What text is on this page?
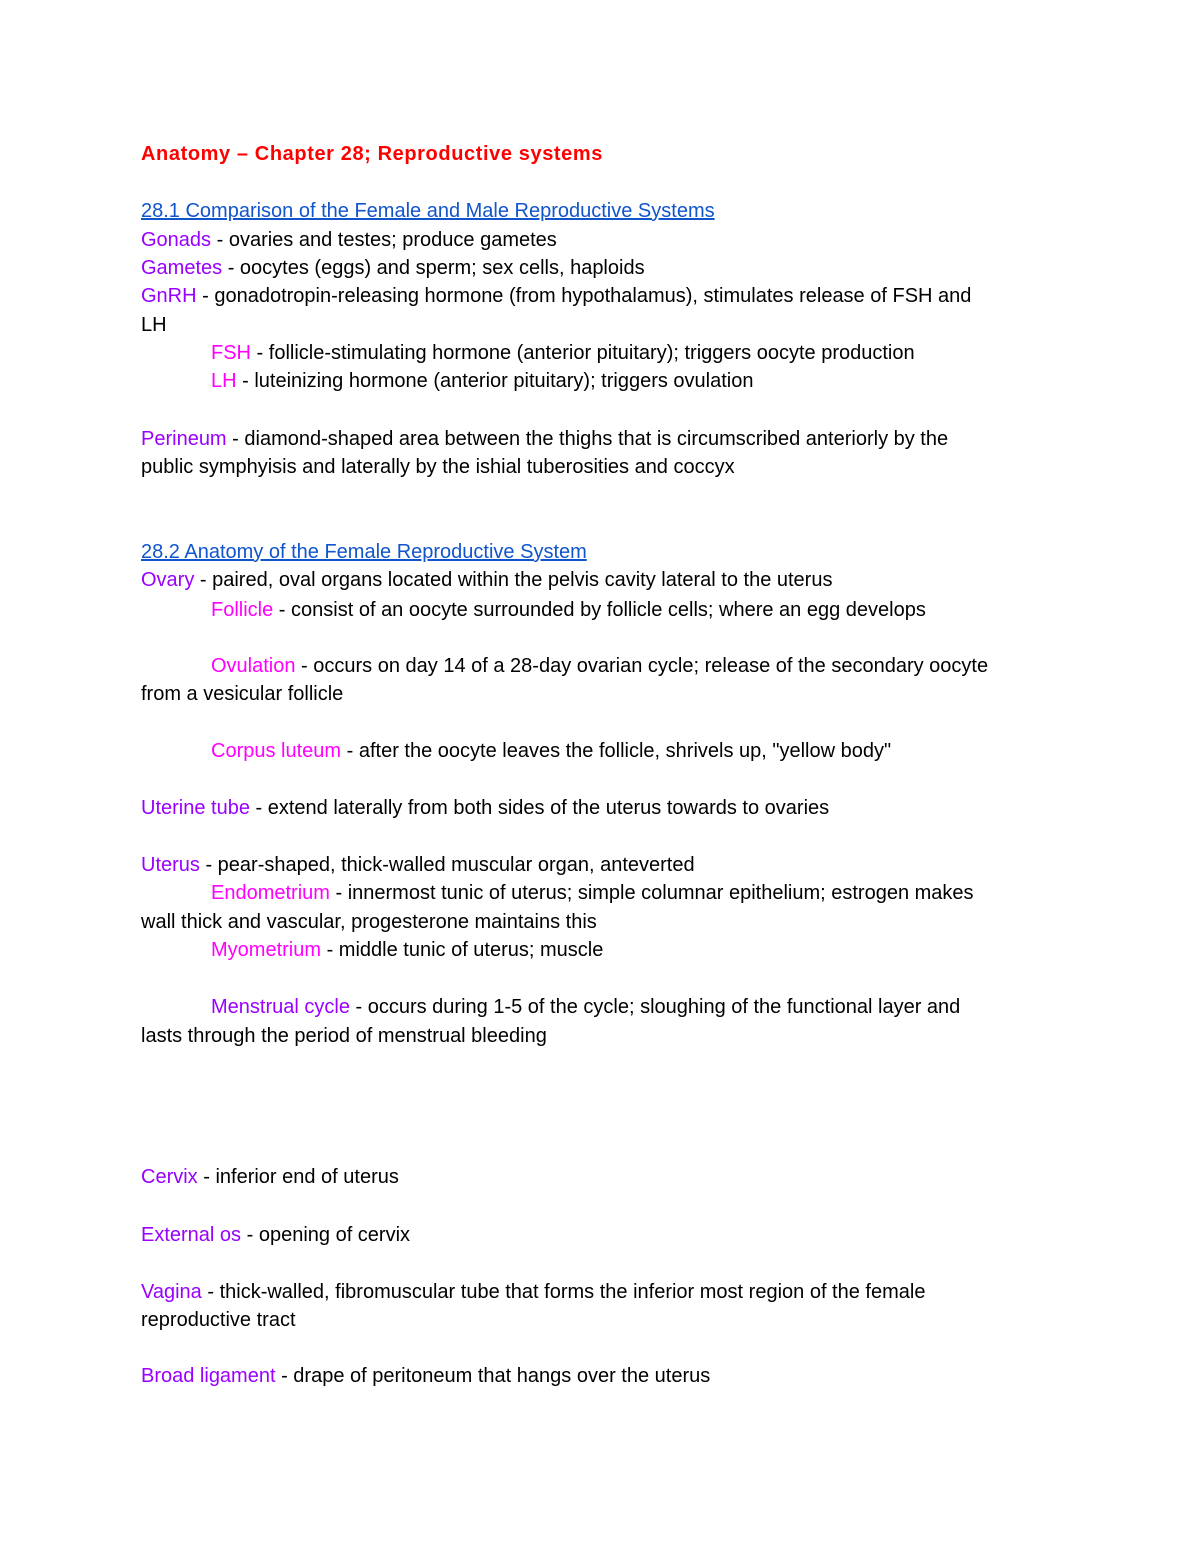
Anatomy – Chapter 28; Reproductive systems
28.1 Comparison of the Female and Male Reproductive Systems
Gonads - ovaries and testes; produce gametes
Gametes - oocytes (eggs) and sperm; sex cells, haploids
GnRH - gonadotropin-releasing hormone (from hypothalamus), stimulates release of FSH and
LH
FSH - follicle-stimulating hormone (anterior pituitary); triggers oocyte production
LH - luteinizing hormone (anterior pituitary); triggers ovulation
Perineum - diamond-shaped area between the thighs that is circumscribed anteriorly by the
public symphyisis and laterally by the ishial tuberosities and coccyx
28.2 Anatomy of the Female Reproductive System
Ovary - paired, oval organs located within the pelvis cavity lateral to the uterus
Follicle - consist of an oocyte surrounded by follicle cells; where an egg develops
Ovulation - occurs on day 14 of a 28-day ovarian cycle; release of the secondary oocyte
from a vesicular follicle
Corpus luteum - after the oocyte leaves the follicle, shrivels up, "yellow body"
Uterine tube - extend laterally from both sides of the uterus towards to ovaries
Uterus - pear-shaped, thick-walled muscular organ, anteverted
Endometrium - innermost tunic of uterus; simple columnar epithelium; estrogen makes
wall thick and vascular, progesterone maintains this
Myometrium - middle tunic of uterus; muscle
Menstrual cycle - occurs during 1-5 of the cycle; sloughing of the functional layer and
lasts through the period of menstrual bleeding
Cervix - inferior end of uterus
External os - opening of cervix
Vagina - thick-walled, fibromuscular tube that forms the inferior most region of the female
reproductive tract
Broad ligament - drape of peritoneum that hangs over the uterus
